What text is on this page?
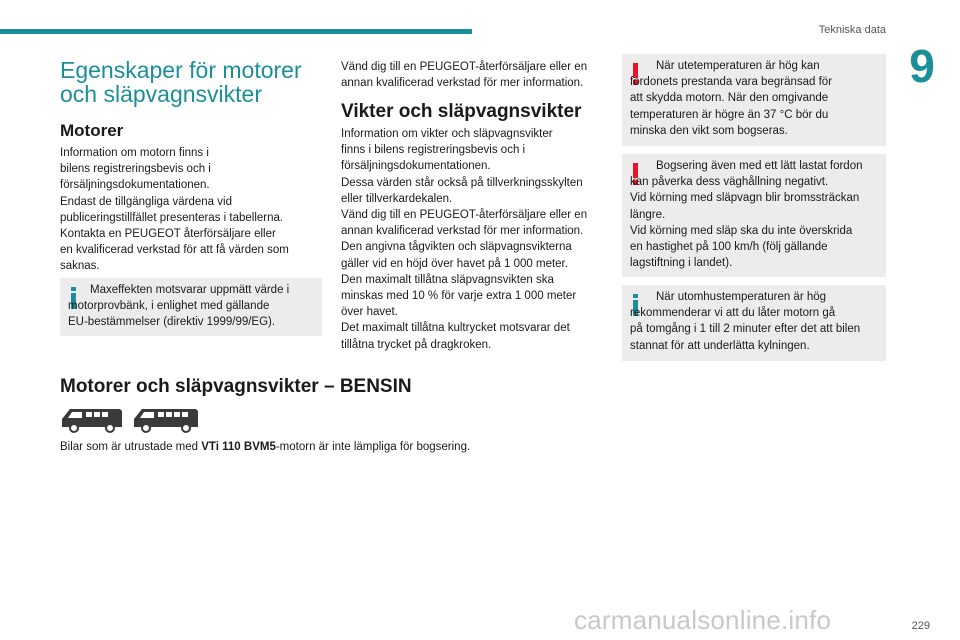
Tekniska data
9
Egenskaper för motorer och släpvagnsvikter
Motorer
Information om motorn finns i
bilens registreringsbevis och i
försäljningsdokumentationen.
Endast de tillgängliga värdena vid
publiceringstillfället presenteras i tabellerna.
Kontakta en PEUGEOT återförsäljare eller
en kvalificerad verkstad för att få värden som
saknas.
Maxeffekten motsvarar uppmätt värde i
motorprovbänk, i enlighet med gällande
EU-bestämmelser (direktiv 1999/99/EG).
Vänd dig till en PEUGEOT-återförsäljare eller en
annan kvalificerad verkstad för mer information.
Vikter och släpvagnsvikter
Information om vikter och släpvagnsvikter
finns i bilens registreringsbevis och i
försäljningsdokumentationen.
Dessa värden står också på tillverkningsskylten
eller tillverkardekalen.
Vänd dig till en PEUGEOT-återförsäljare eller en
annan kvalificerad verkstad för mer information.
Den angivna tågvikten och släpvagnsvikterna
gäller vid en höjd över havet på 1 000 meter.
Den maximalt tillåtna släpvagnsvikten ska
minskas med 10 % för varje extra 1 000 meter
över havet.
Det maximalt tillåtna kultrycket motsvarar det
tillåtna trycket på dragkroken.
När utetemperaturen är hög kan
fordonets prestanda vara begränsad för
att skydda motorn. När den omgivande
temperaturen är högre än 37 °C bör du
minska den vikt som bogseras.
Bogsering även med ett lätt lastat fordon
kan påverka dess väghållning negativt.
Vid körning med släpvagn blir bromssträckan
längre.
Vid körning med släp ska du inte överskrida
en hastighet på 100 km/h (följ gällande
lagstiftning i landet).
När utomhustemperaturen är hög
rekommenderar vi att du låter motorn gå
på tomgång i 1 till 2 minuter efter det att bilen
stannat för att underlätta kylningen.
Motorer och släpvagnsvikter – BENSIN
Bilar som är utrustade med VTi 110 BVM5-motorn är inte lämpliga för bogsering.
229
carmanualsonline.info
